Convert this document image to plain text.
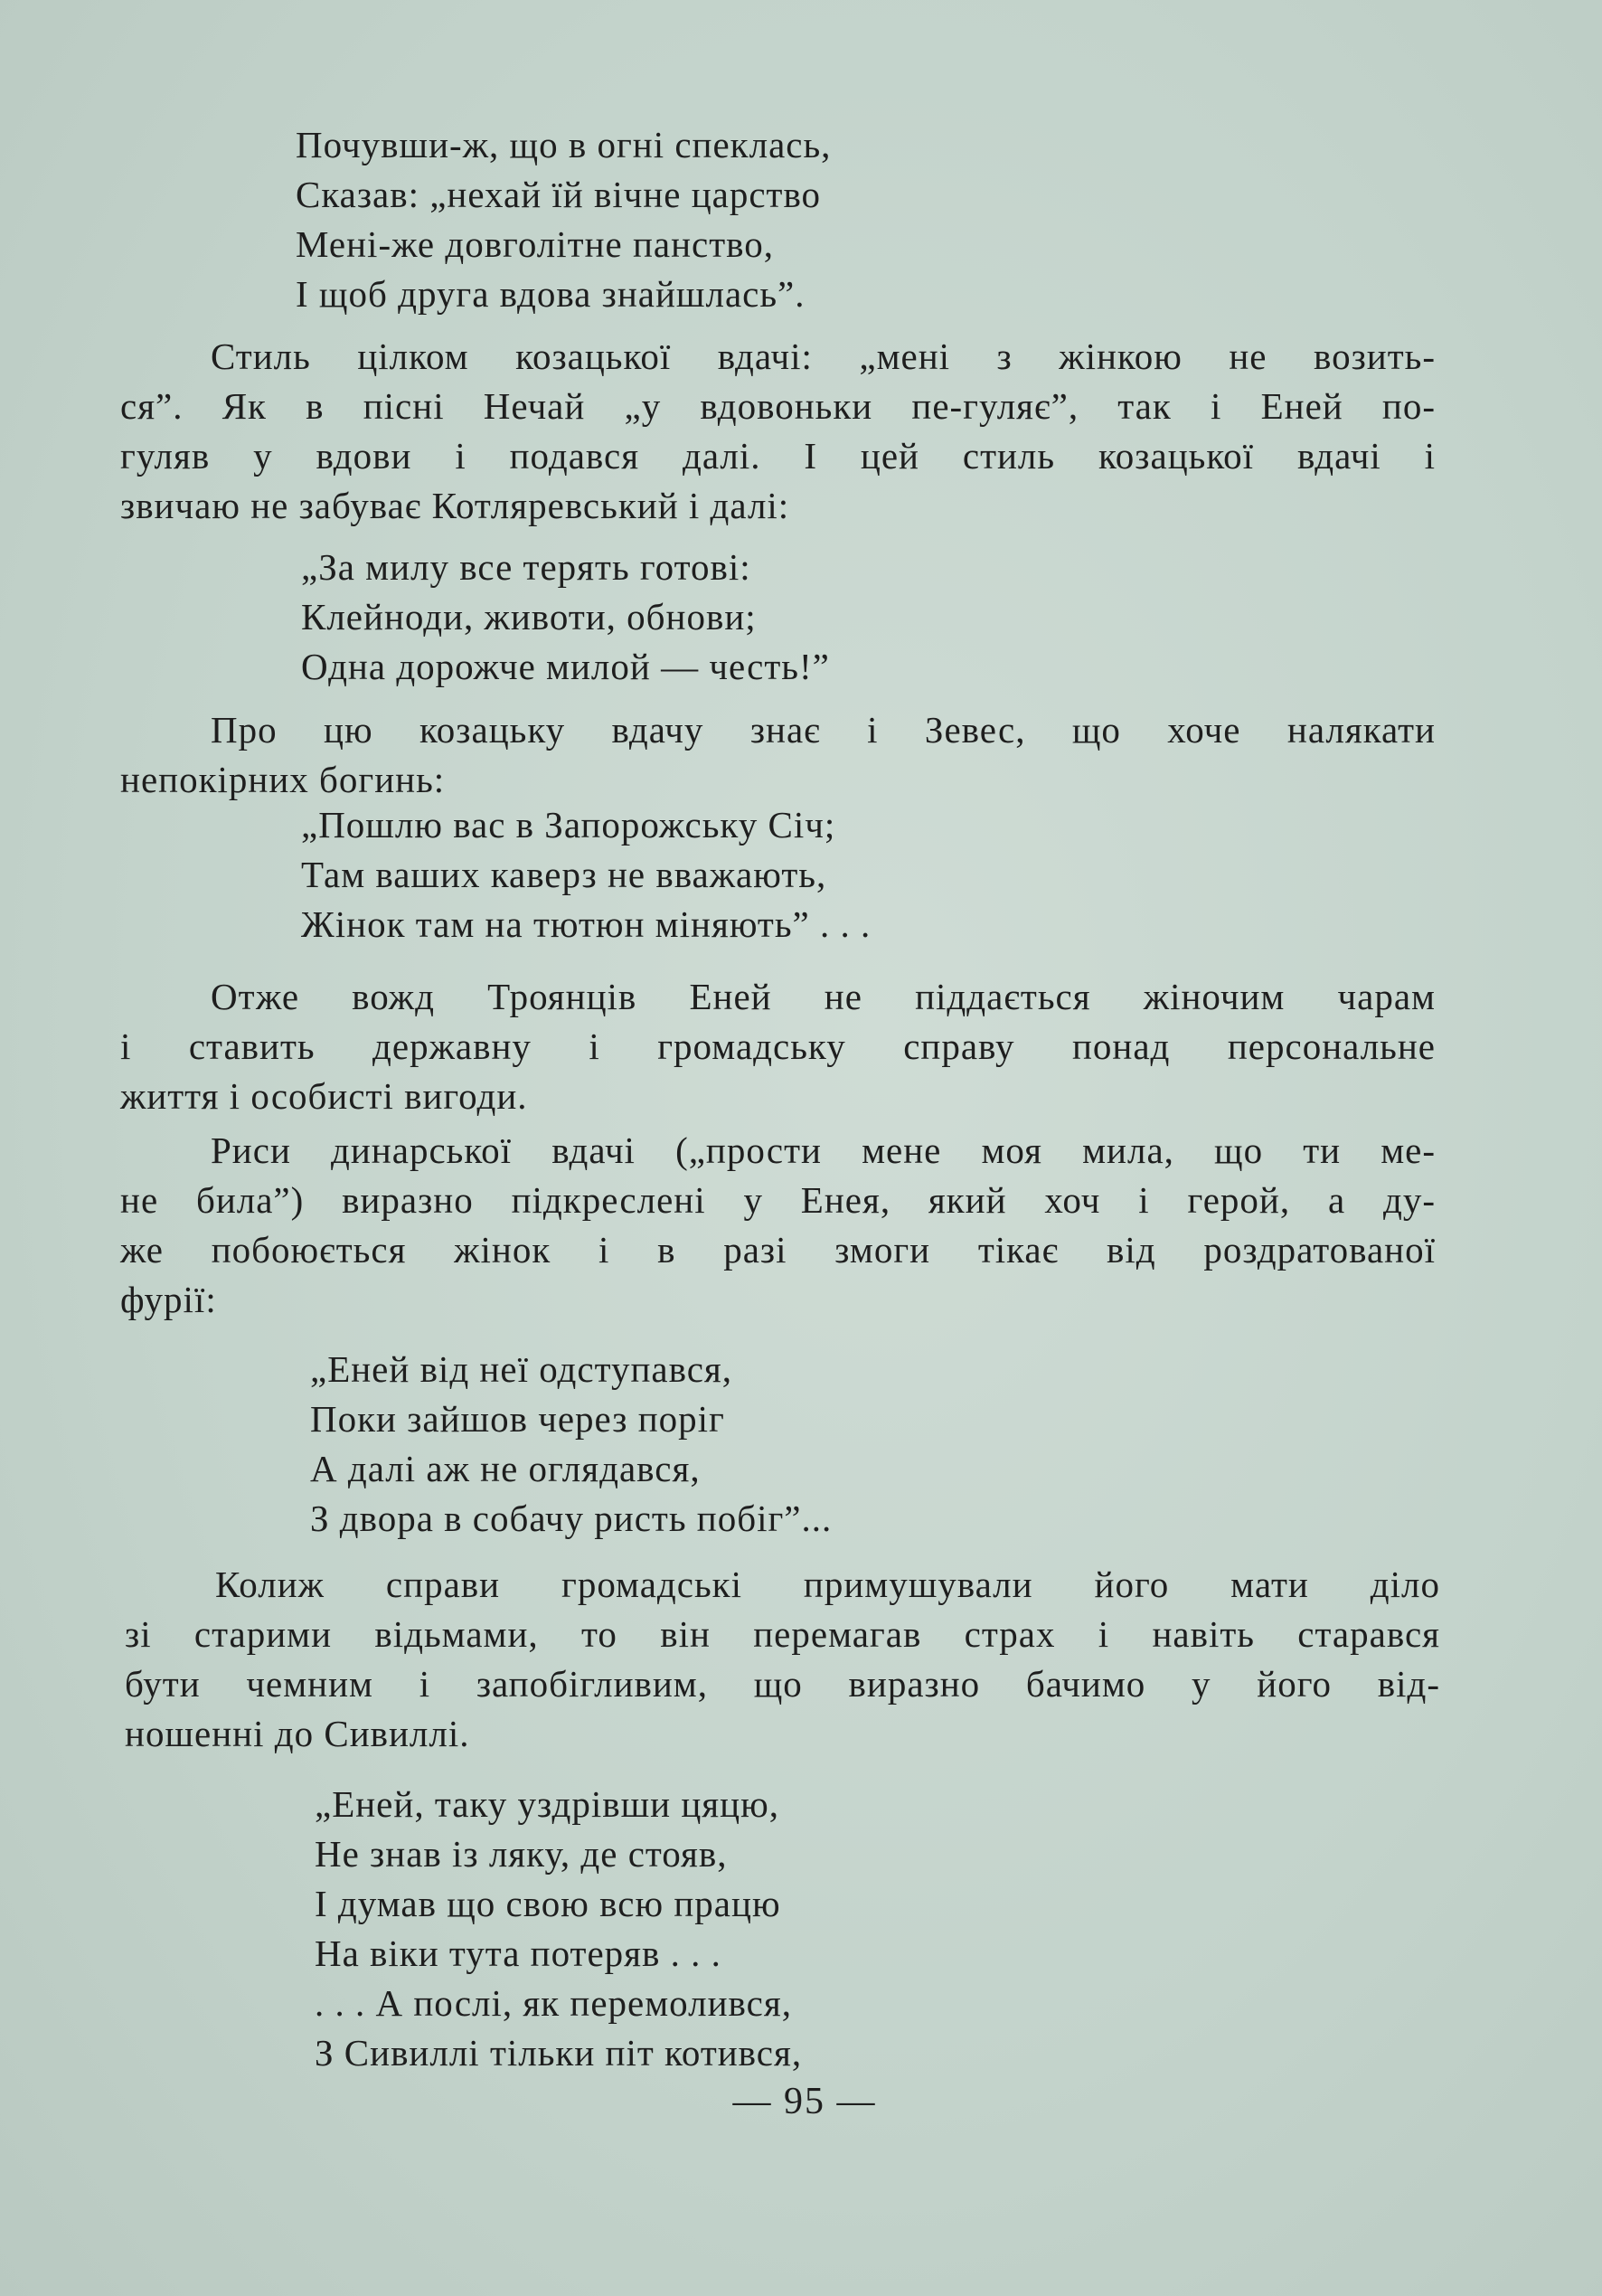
Почувши-ж, що в огні спеклась,
Сказав: „нехай їй вічне царство
Мені-же довголітне панство,
І щоб друга вдова знайшлась”.
Стиль цілком козацької вдачі: „мені з жінкою не возить-
ся”. Як в пісні Нечай „у вдовоньки пе-гуляє”, так і Еней по-
гуляв у вдови і подався далі. І цей стиль козацької вдачі і
звичаю не забуває Котляревський і далі:
„За милу все терять готові:
Клейноди, животи, обнови;
Одна дорожче милой — честь!”
Про цю козацьку вдачу знає і Зевес, що хоче налякати
непокірних богинь:
„Пошлю вас в Запорожську Січ;
Там ваших каверз не вважають,
Жінок там на тютюн міняють” . . .
Отже вожд Троянців Еней не піддається жіночим чарам
і ставить державну і громадську справу понад персональне
життя і особисті вигоди.
Риси динарської вдачі („прости мене моя мила, що ти ме-
не била”) виразно підкреслені у Енея, який хоч і герой, а ду-
же побоюється жінок і в разі змоги тікає від роздратованої
фурії:
„Еней від неї одступався,
Поки зайшов через поріг
А далі аж не оглядався,
З двора в собачу ристь побіг”...
Колиж справи громадські примушували його мати діло
зі старими відьмами, то він перемагав страх і навіть старався
бути чемним і запобігливим, що виразно бачимо у його від-
ношенні до Сивиллі.
„Еней, таку уздрівши цяцю,
Не знав із ляку, де стояв,
І думав що свою всю працю
На віки тута потеряв . . .
. . . А послі, як перемолився,
З Сивиллі тільки піт котився,
— 95 —
